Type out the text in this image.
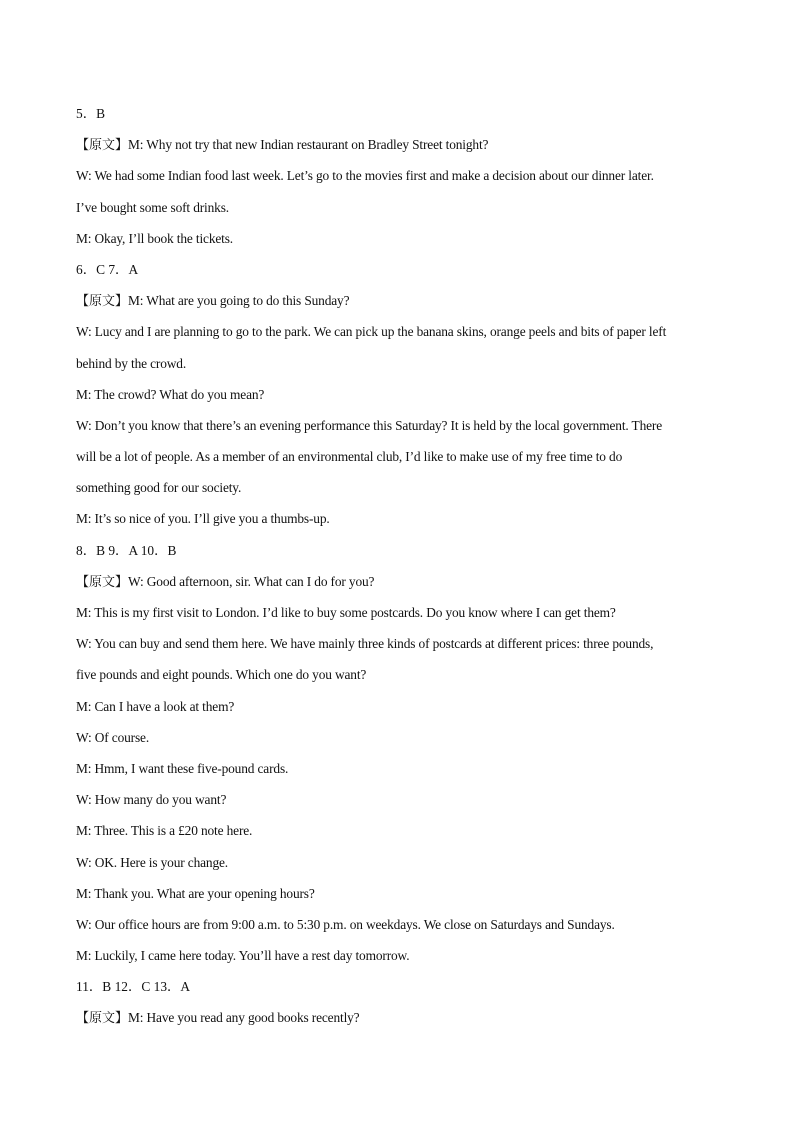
5．B
【原文】M: Why not try that new Indian restaurant on Bradley Street tonight?
W: We had some Indian food last week. Let’s go to the movies first and make a decision about our dinner later.
I’ve bought some soft drinks.
M: Okay, I’ll book the tickets.
6．C 7．A
【原文】M: What are you going to do this Sunday?
W: Lucy and I are planning to go to the park. We can pick up the banana skins, orange peels and bits of paper left
behind by the crowd.
M: The crowd? What do you mean?
W: Don’t you know that there’s an evening performance this Saturday? It is held by the local government. There
will be a lot of people. As a member of an environmental club, I’d like to make use of my free time to do
something good for our society.
M: It’s so nice of you. I’ll give you a thumbs-up.
8．B 9．A 10．B
【原文】W: Good afternoon, sir. What can I do for you?
M: This is my first visit to London. I’d like to buy some postcards. Do you know where I can get them?
W: You can buy and send them here. We have mainly three kinds of postcards at different prices: three pounds,
five pounds and eight pounds. Which one do you want?
M: Can I have a look at them?
W: Of course.
M: Hmm, I want these five-pound cards.
W: How many do you want?
M: Three. This is a £20 note here.
W: OK. Here is your change.
M: Thank you. What are your opening hours?
W: Our office hours are from 9:00 a.m. to 5:30 p.m. on weekdays. We close on Saturdays and Sundays.
M: Luckily, I came here today. You’ll have a rest day tomorrow.
11．B 12．C 13．A
【原文】M: Have you read any good books recently?
